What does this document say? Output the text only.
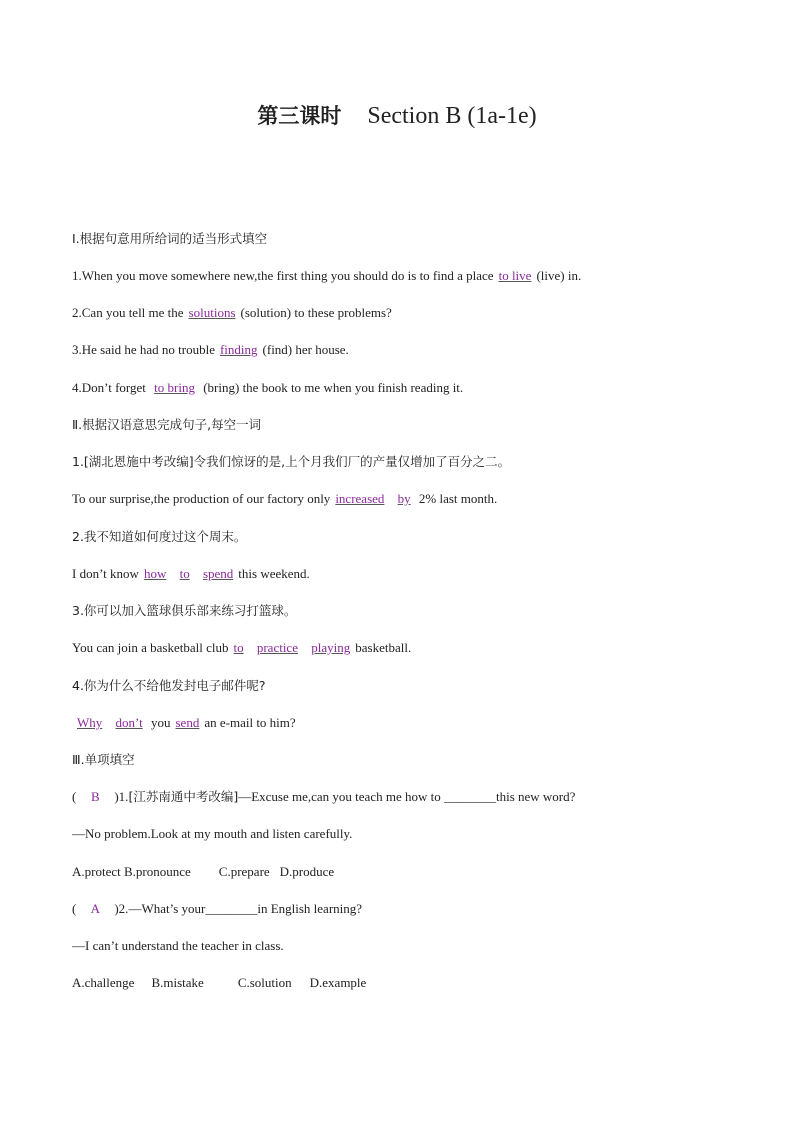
第三课时 Section B (1a-1e)
Ⅰ.根据句意用所给词的适当形式填空
1.When you move somewhere new,the first thing you should do is to find a place to live (live) in.
2.Can you tell me the solutions (solution) to these problems?
3.He said he had no trouble finding (find) her house.
4.Don’t forget to bring (bring) the book to me when you finish reading it.
Ⅱ.根据汉语意思完成句子,每空一词
1.[湖北恩施中考改编]令我们惊讶的是,上个月我们厂的产量仅增加了百分之二。
To our surprise,the production of our factory only increased by 2% last month.
2.我不知道如何度过这个周末。
I don’t know how to spend this weekend.
3.你可以加入篮球俱乐部来练习打篮球。
You can join a basketball club to practice playing basketball.
4.你为什么不给他发封电子邮件呢?
Why don’t you send an e-mail to him?
Ⅲ.单项填空
( B )1.[江苏南通中考改编]—Excuse me,can you teach me how to ________this new word?
—No problem.Look at my mouth and listen carefully.
A.protect B.pronounce C.prepare D.produce
( A )2.—What’s your________in English learning?
—I can’t understand the teacher in class.
A.challenge B.mistake	C.solution D.example
